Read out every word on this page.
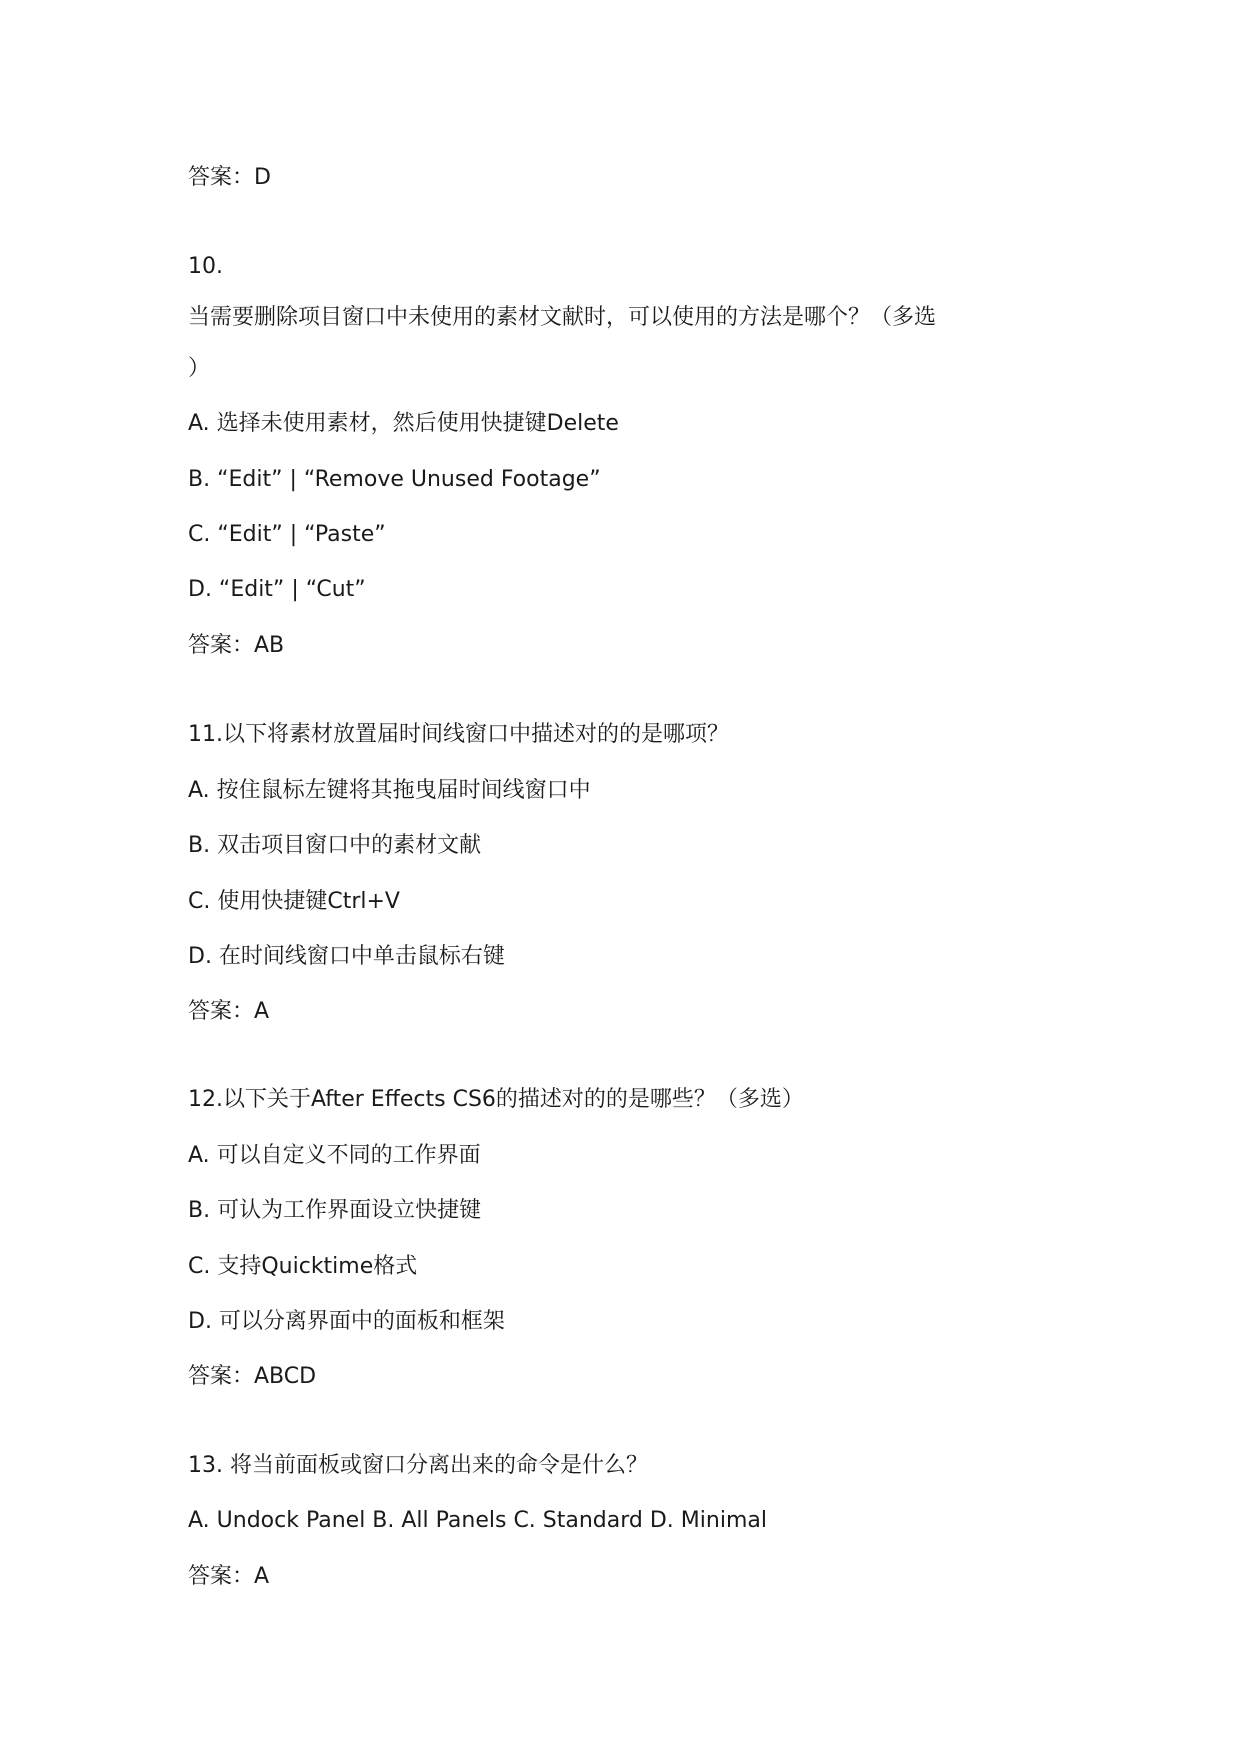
答案：D
10.
当需要删除项目窗口中未使用的素材文献时，可以使用的方法是哪个？（多选
）
A. 选择未使用素材，然后使用快捷键Delete
B. “Edit” | “Remove Unused Footage”
C. “Edit” | “Paste”
D. “Edit” | “Cut”
答案：AB
11.以下将素材放置届时间线窗口中描述对的的是哪项？
A. 按住鼠标左键将其拖曳届时间线窗口中
B. 双击项目窗口中的素材文献
C. 使用快捷键Ctrl+V
D. 在时间线窗口中单击鼠标右键
答案：A
12.以下关于After Effects CS6的描述对的的是哪些？（多选）
A. 可以自定义不同的工作界面
B. 可认为工作界面设立快捷键
C. 支持Quicktime格式
D. 可以分离界面中的面板和框架
答案：ABCD
13. 将当前面板或窗口分离出来的命令是什么？
A. Undock Panel B. All Panels C. Standard D. Minimal
答案：A
